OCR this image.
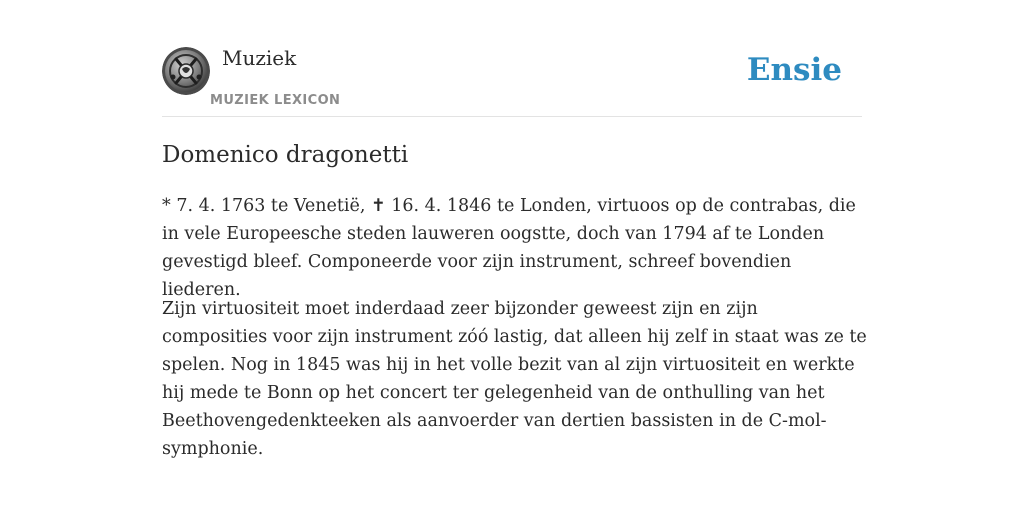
Muziek
MUZIEK LEXICON
Ensie
Domenico dragonetti

* 7. 4. 1763 te Venetië, ✝ 16. 4. 1846 te Londen, virtuoos op de contrabas, die in vele Europeesche steden lauweren oogstte, doch van 1794 af te Londen gevestigd bleef. Componeerde voor zijn instrument, schreef bovendien liederen.

Zijn virtuositeit moet inderdaad zeer bijzonder geweest zijn en zijn composities voor zijn instrument zóó lastig, dat alleen hij zelf in staat was ze te spelen. Nog in 1845 was hij in het volle bezit van al zijn virtuositeit en werkte hij mede te Bonn op het concert ter gelegenheid van de onthulling van het Beethovengedenkteeken als aanvoerder van dertien bassisten in de C-mol-symphonie.
